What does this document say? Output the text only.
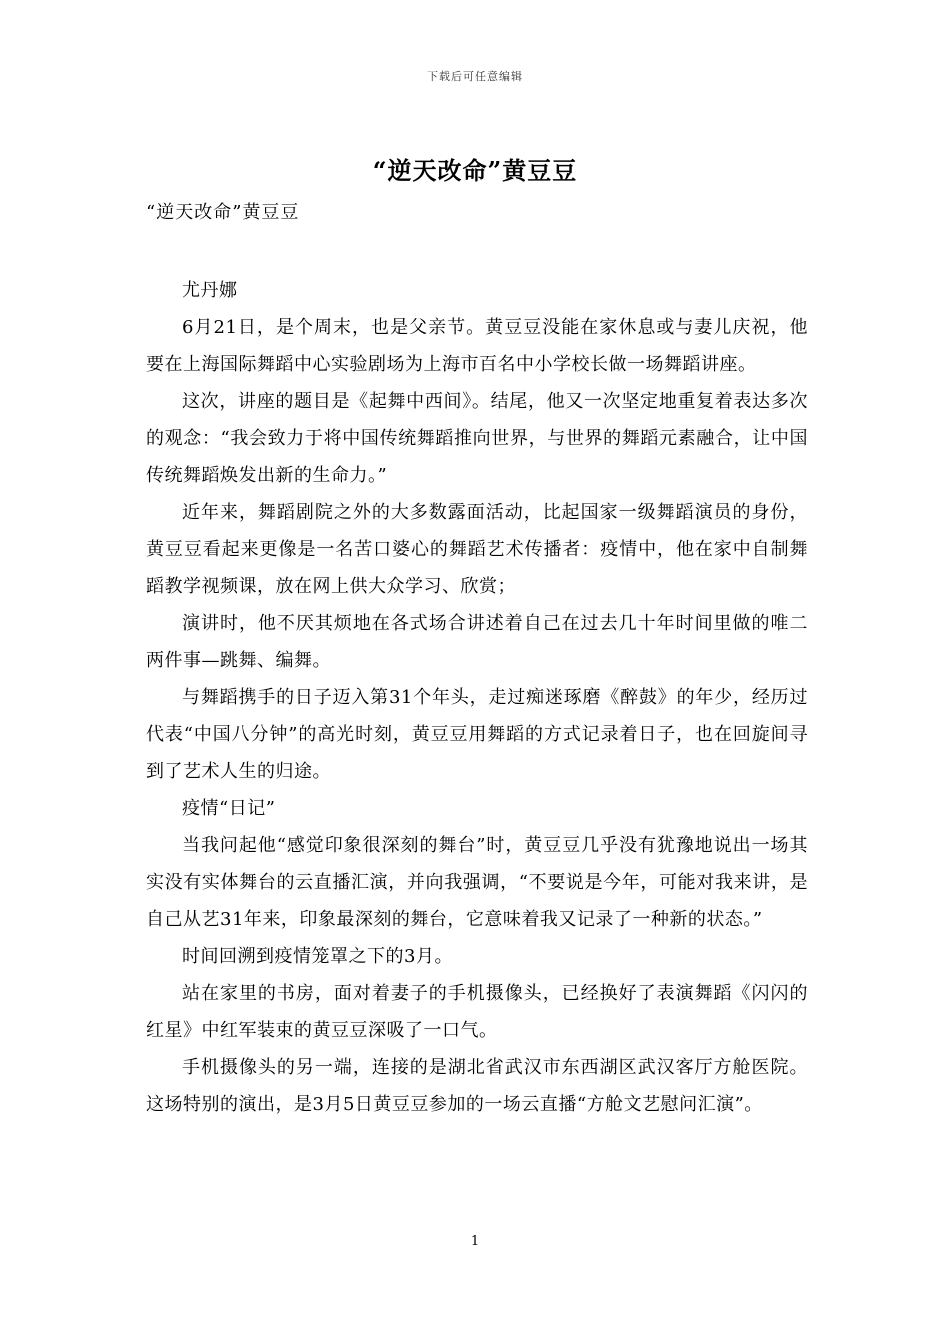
下载后可任意编辑
“逆天改命”黄豆豆
“逆天改命”黄豆豆

尤丹娜

6月21日，是个周末，也是父亲节。黄豆豆没能在家休息或与妻儿庆祝，他要在上海国际舞蹈中心实验剧场为上海市百名中小学校长做一场舞蹈讲座。

这次，讲座的题目是《起舞中西间》。结尾，他又一次坚定地重复着表达多次的观念：“我会致力于将中国传统舞蹈推向世界，与世界的舞蹈元素融合，让中国传统舞蹈焕发出新的生命力。”

近年来，舞蹈剧院之外的大多数露面活动，比起国家一级舞蹈演员的身份，黄豆豆看起来更像是一名苦口婆心的舞蹈艺术传播者：疫情中，他在家中自制舞蹈教学视频课，放在网上供大众学习、欣赏；

演讲时，他不厌其烦地在各式场合讲述着自己在过去几十年时间里做的唯二两件事—跳舞、编舞。

与舞蹈携手的日子迈入第31个年头，走过痴迷琢磨《醉鼓》的年少，经历过代表“中国八分钟”的高光时刻，黄豆豆用舞蹈的方式记录着日子，也在回旋间寻到了艺术人生的归途。

疫情“日记”

当我问起他“感觉印象很深刻的舞台”时，黄豆豆几乎没有犹豫地说出一场其实没有实体舞台的云直播汇演，并向我强调，“不要说是今年，可能对我来讲，是自己从艺31年来，印象最深刻的舞台，它意味着我又记录了一种新的状态。”

时间回溯到疫情笼罩之下的3月。

站在家里的书房，面对着妻子的手机摄像头，已经换好了表演舞蹈《闪闪的红星》中红军装束的黄豆豆深吸了一口气。

手机摄像头的另一端，连接的是湖北省武汉市东西湖区武汉客厅方舱医院。这场特别的演出，是3月5日黄豆豆参加的一场云直播“方舱文艺慰问汇演”。

1
